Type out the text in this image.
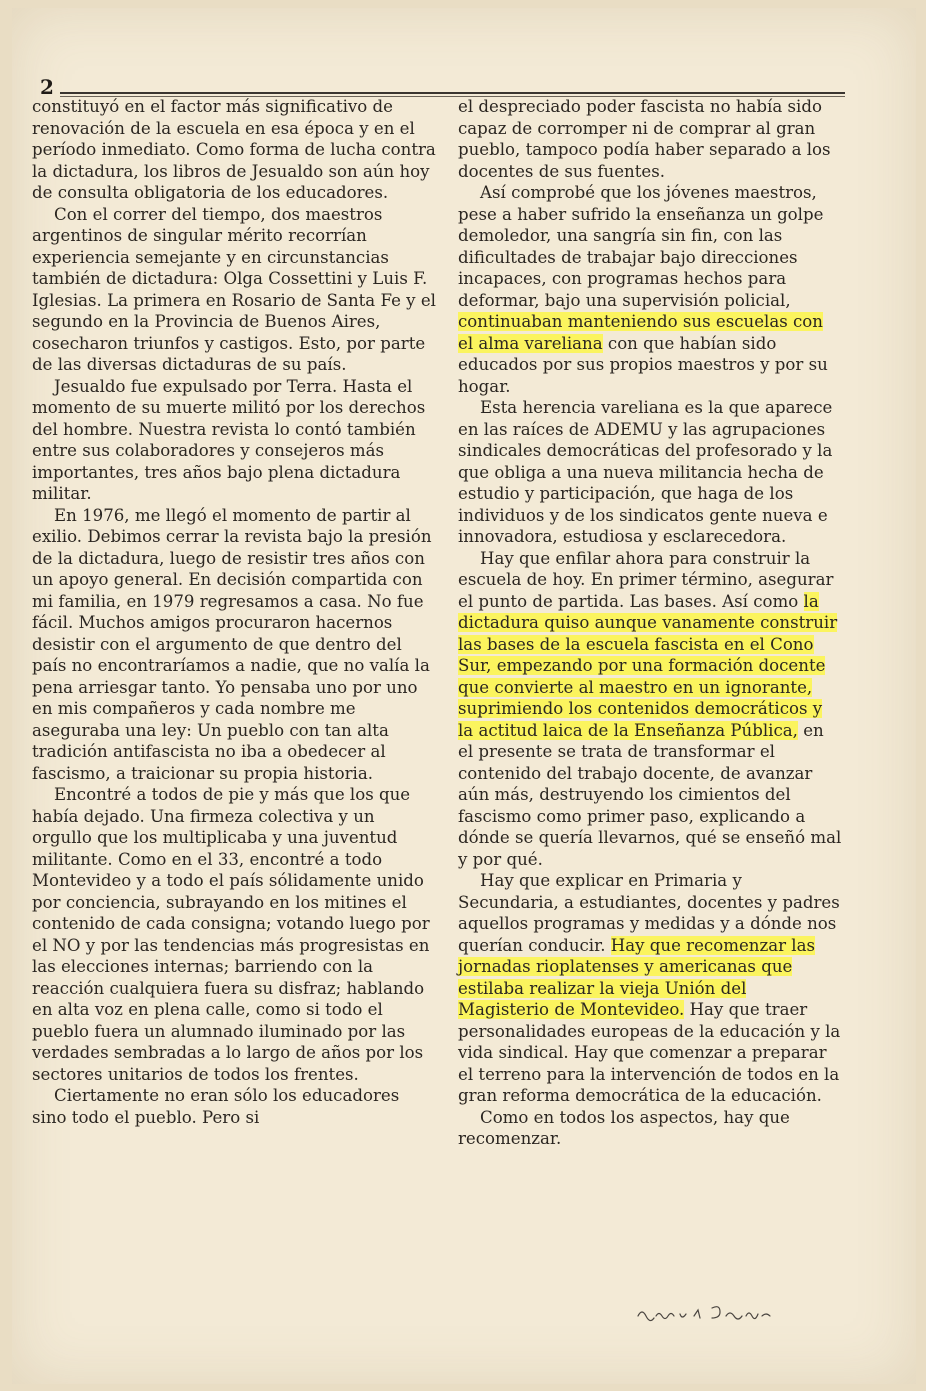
2

constituyó en el factor más significativo de renovación de la escuela en esa época y en el período inmediato. Como forma de lucha contra la dictadura, los libros de Jesualdo son aún hoy de consulta obligatoria de los educadores.

Con el correr del tiempo, dos maestros argentinos de singular mérito recorrían experiencia semejante y en circunstancias también de dictadura: Olga Cossettini y Luis F. Iglesias. La primera en Rosario de Santa Fe y el segundo en la Provincia de Buenos Aires, cosecharon triunfos y castigos. Esto, por parte de las diversas dictaduras de su país.

Jesualdo fue expulsado por Terra. Hasta el momento de su muerte militó por los derechos del hombre. Nuestra revista lo contó también entre sus colaboradores y consejeros más importantes, tres años bajo plena dictadura militar.

En 1976, me llegó el momento de partir al exilio. Debimos cerrar la revista bajo la presión de la dictadura, luego de resistir tres años con un apoyo general. En decisión compartida con mi familia, en 1979 regresamos a casa. No fue fácil. Muchos amigos procuraron hacernos desistir con el argumento de que dentro del país no encontraríamos a nadie, que no valía la pena arriesgar tanto. Yo pensaba uno por uno en mis compañeros y cada nombre me aseguraba una ley: Un pueblo con tan alta tradición antifascista no iba a obedecer al fascismo, a traicionar su propia historia.

Encontré a todos de pie y más que los que había dejado. Una firmeza colectiva y un orgullo que los multiplicaba y una juventud militante. Como en el 33, encontré a todo Montevideo y a todo el país sólidamente unido por conciencia, subrayando en los mitines el contenido de cada consigna; votando luego por el NO y por las tendencias más progresistas en las elecciones internas; barriendo con la reacción cualquiera fuera su disfraz; hablando en alta voz en plena calle, como si todo el pueblo fuera un alumnado iluminado por las verdades sembradas a lo largo de años por los sectores unitarios de todos los frentes.

Ciertamente no eran sólo los educadores sino todo el pueblo. Pero si

el despreciado poder fascista no había sido capaz de corromper ni de comprar al gran pueblo, tampoco podía haber separado a los docentes de sus fuentes.

Así comprobé que los jóvenes maestros, pese a haber sufrido la enseñanza un golpe demoledor, una sangría sin fin, con las dificultades de trabajar bajo direcciones incapaces, con programas hechos para deformar, bajo una supervisión policial, continuaban manteniendo sus escuelas con el alma vareliana con que habían sido educados por sus propios maestros y por su hogar.

Esta herencia vareliana es la que aparece en las raíces de ADEMU y las agrupaciones sindicales democráticas del profesorado y la que obliga a una nueva militancia hecha de estudio y participación, que haga de los individuos y de los sindicatos gente nueva e innovadora, estudiosa y esclarecedora.

Hay que enfilar ahora para construir la escuela de hoy. En primer término, asegurar el punto de partida. Las bases. Así como la dictadura quiso aunque vanamente construir las bases de la escuela fascista en el Cono Sur, empezando por una formación docente que convierte al maestro en un ignorante, suprimiendo los contenidos democráticos y la actitud laica de la Enseñanza Pública, en el presente se trata de transformar el contenido del trabajo docente, de avanzar aún más, destruyendo los cimientos del fascismo como primer paso, explicando a dónde se quería llevarnos, qué se enseñó mal y por qué.

Hay que explicar en Primaria y Secundaria, a estudiantes, docentes y padres aquellos programas y medidas y a dónde nos querían conducir. Hay que recomenzar las jornadas rioplatenses y americanas que estilaba realizar la vieja Unión del Magisterio de Montevideo. Hay que traer personalidades europeas de la educación y la vida sindical. Hay que comenzar a preparar el terreno para la intervención de todos en la gran reforma democrática de la educación.

Como en todos los aspectos, hay que recomenzar.
